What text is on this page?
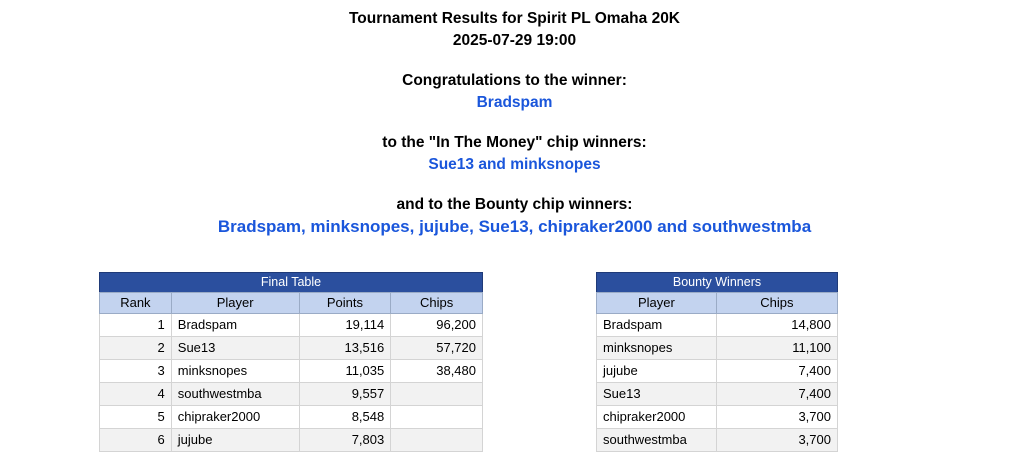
Tournament Results for Spirit PL Omaha 20K
2025-07-29 19:00
Congratulations to the winner:
Bradspam
to the "In The Money" chip winners:
Sue13 and minksnopes
and to the Bounty chip winners:
Bradspam, minksnopes, jujube, Sue13, chipraker2000 and southwestmba
Final Table
Rank	Player	Points	Chips
1	Bradspam	19,114	96,200
2	Sue13	13,516	57,720
3	minksnopes	11,035	38,480
4	southwestmba	9,557	
5	chipraker2000	8,548	
6	jujube	7,803	
Bounty Winners
Player	Chips
Bradspam	14,800
minksnopes	11,100
jujube	7,400
Sue13	7,400
chipraker2000	3,700
southwestmba	3,700
